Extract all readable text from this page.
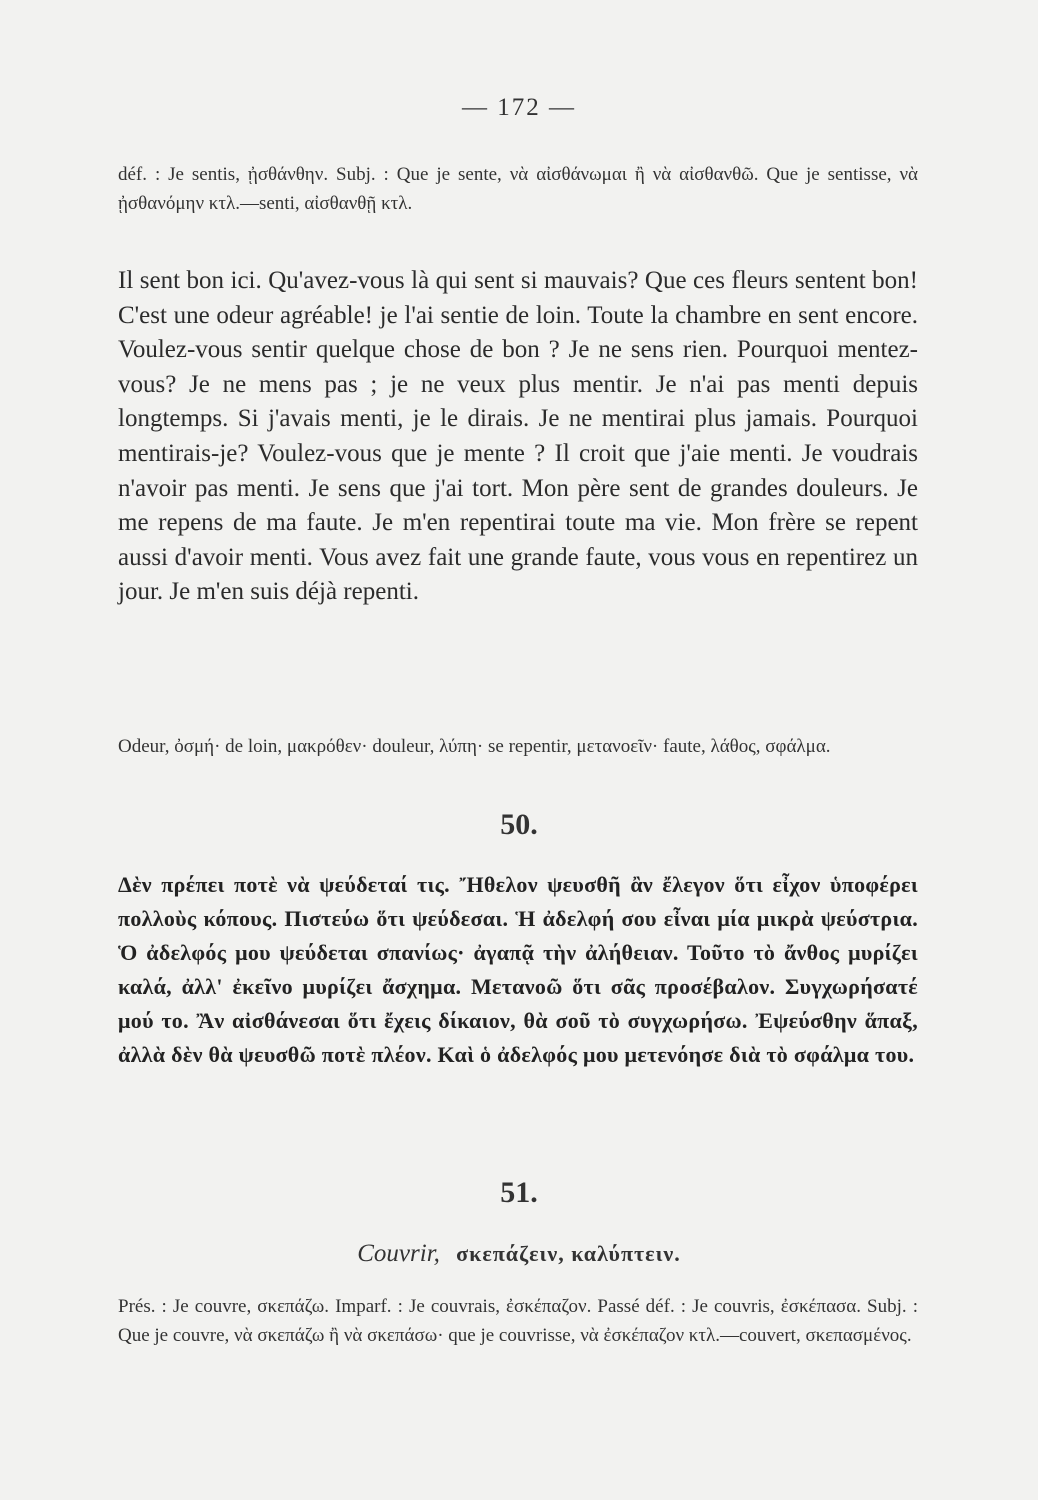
— 172 —
déf. : Je sentis, ᾐσθάνθην. Subj. : Que je sente, νὰ αἰσθάνωμαι ἢ νὰ αἰσθανθῶ. Que je sentisse, νὰ ᾐσθανόμην κτλ.—senti, αἰσθανθῇ κτλ.
Il sent bon ici. Qu'avez-vous là qui sent si mauvais? Que ces fleurs sentent bon! C'est une odeur agréable! je l'ai sentie de loin. Toute la chambre en sent encore. Voulez-vous sentir quelque chose de bon ? Je ne sens rien. Pourquoi mentez-vous? Je ne mens pas ; je ne veux plus mentir. Je n'ai pas menti depuis longtemps. Si j'avais menti, je le dirais. Je ne mentirai plus jamais. Pourquoi mentirais-je? Voulez-vous que je mente ? Il croit que j'aie menti. Je voudrais n'avoir pas menti. Je sens que j'ai tort. Mon père sent de grandes douleurs. Je me repens de ma faute. Je m'en repentirai toute ma vie. Mon frère se repent aussi d'avoir menti. Vous avez fait une grande faute, vous vous en repentirez un jour. Je m'en suis déjà repenti.
Odeur, ὀσμή· de loin, μακρόθεν· douleur, λύπη· se repentir, μετανοεῖν· faute, λάθος, σφάλμα.
50.
Δὲν πρέπει ποτὲ νὰ ψεύδεταί τις. Ἤθελον ψευσθῆ ἂν ἔλεγον ὅτι εἶχον ὑποφέρει πολλοὺς κόπους. Πιστεύω ὅτι ψεύδεσαι. Ἡ ἀδελφή σου εἶναι μία μικρὰ ψεύστρια. Ὁ ἀδελφός μου ψεύδεται σπανίως· ἀγαπᾷ τὴν ἀλήθειαν. Τοῦτο τὸ ἄνθος μυρίζει καλά, ἀλλ' ἐκεῖνο μυρίζει ἄσχημα. Μετανοῶ ὅτι σᾶς προσέβαλον. Συγχωρήσατέ μού το. Ἂν αἰσθάνεσαι ὅτι ἔχεις δίκαιον, θὰ σοῦ τὸ συγχωρήσω. Ἐψεύσθην ἅπαξ, ἀλλὰ δὲν θὰ ψευσθῶ ποτὲ πλέον. Καὶ ὁ ἀδελφός μου μετενόησε διὰ τὸ σφάλμα του.
51.
Couvrir, σκεπάζειν, καλύπτειν.
Prés. : Je couvre, σκεπάζω. Imparf. : Je couvrais, ἐσκέπαζον. Passé déf. : Je couvris, ἐσκέπασα. Subj. : Que je couvre, νὰ σκεπάζω ἢ νὰ σκεπάσω· que je couvrisse, νὰ ἐσκέπαζον κτλ.—couvert, σκεπασμένος.
